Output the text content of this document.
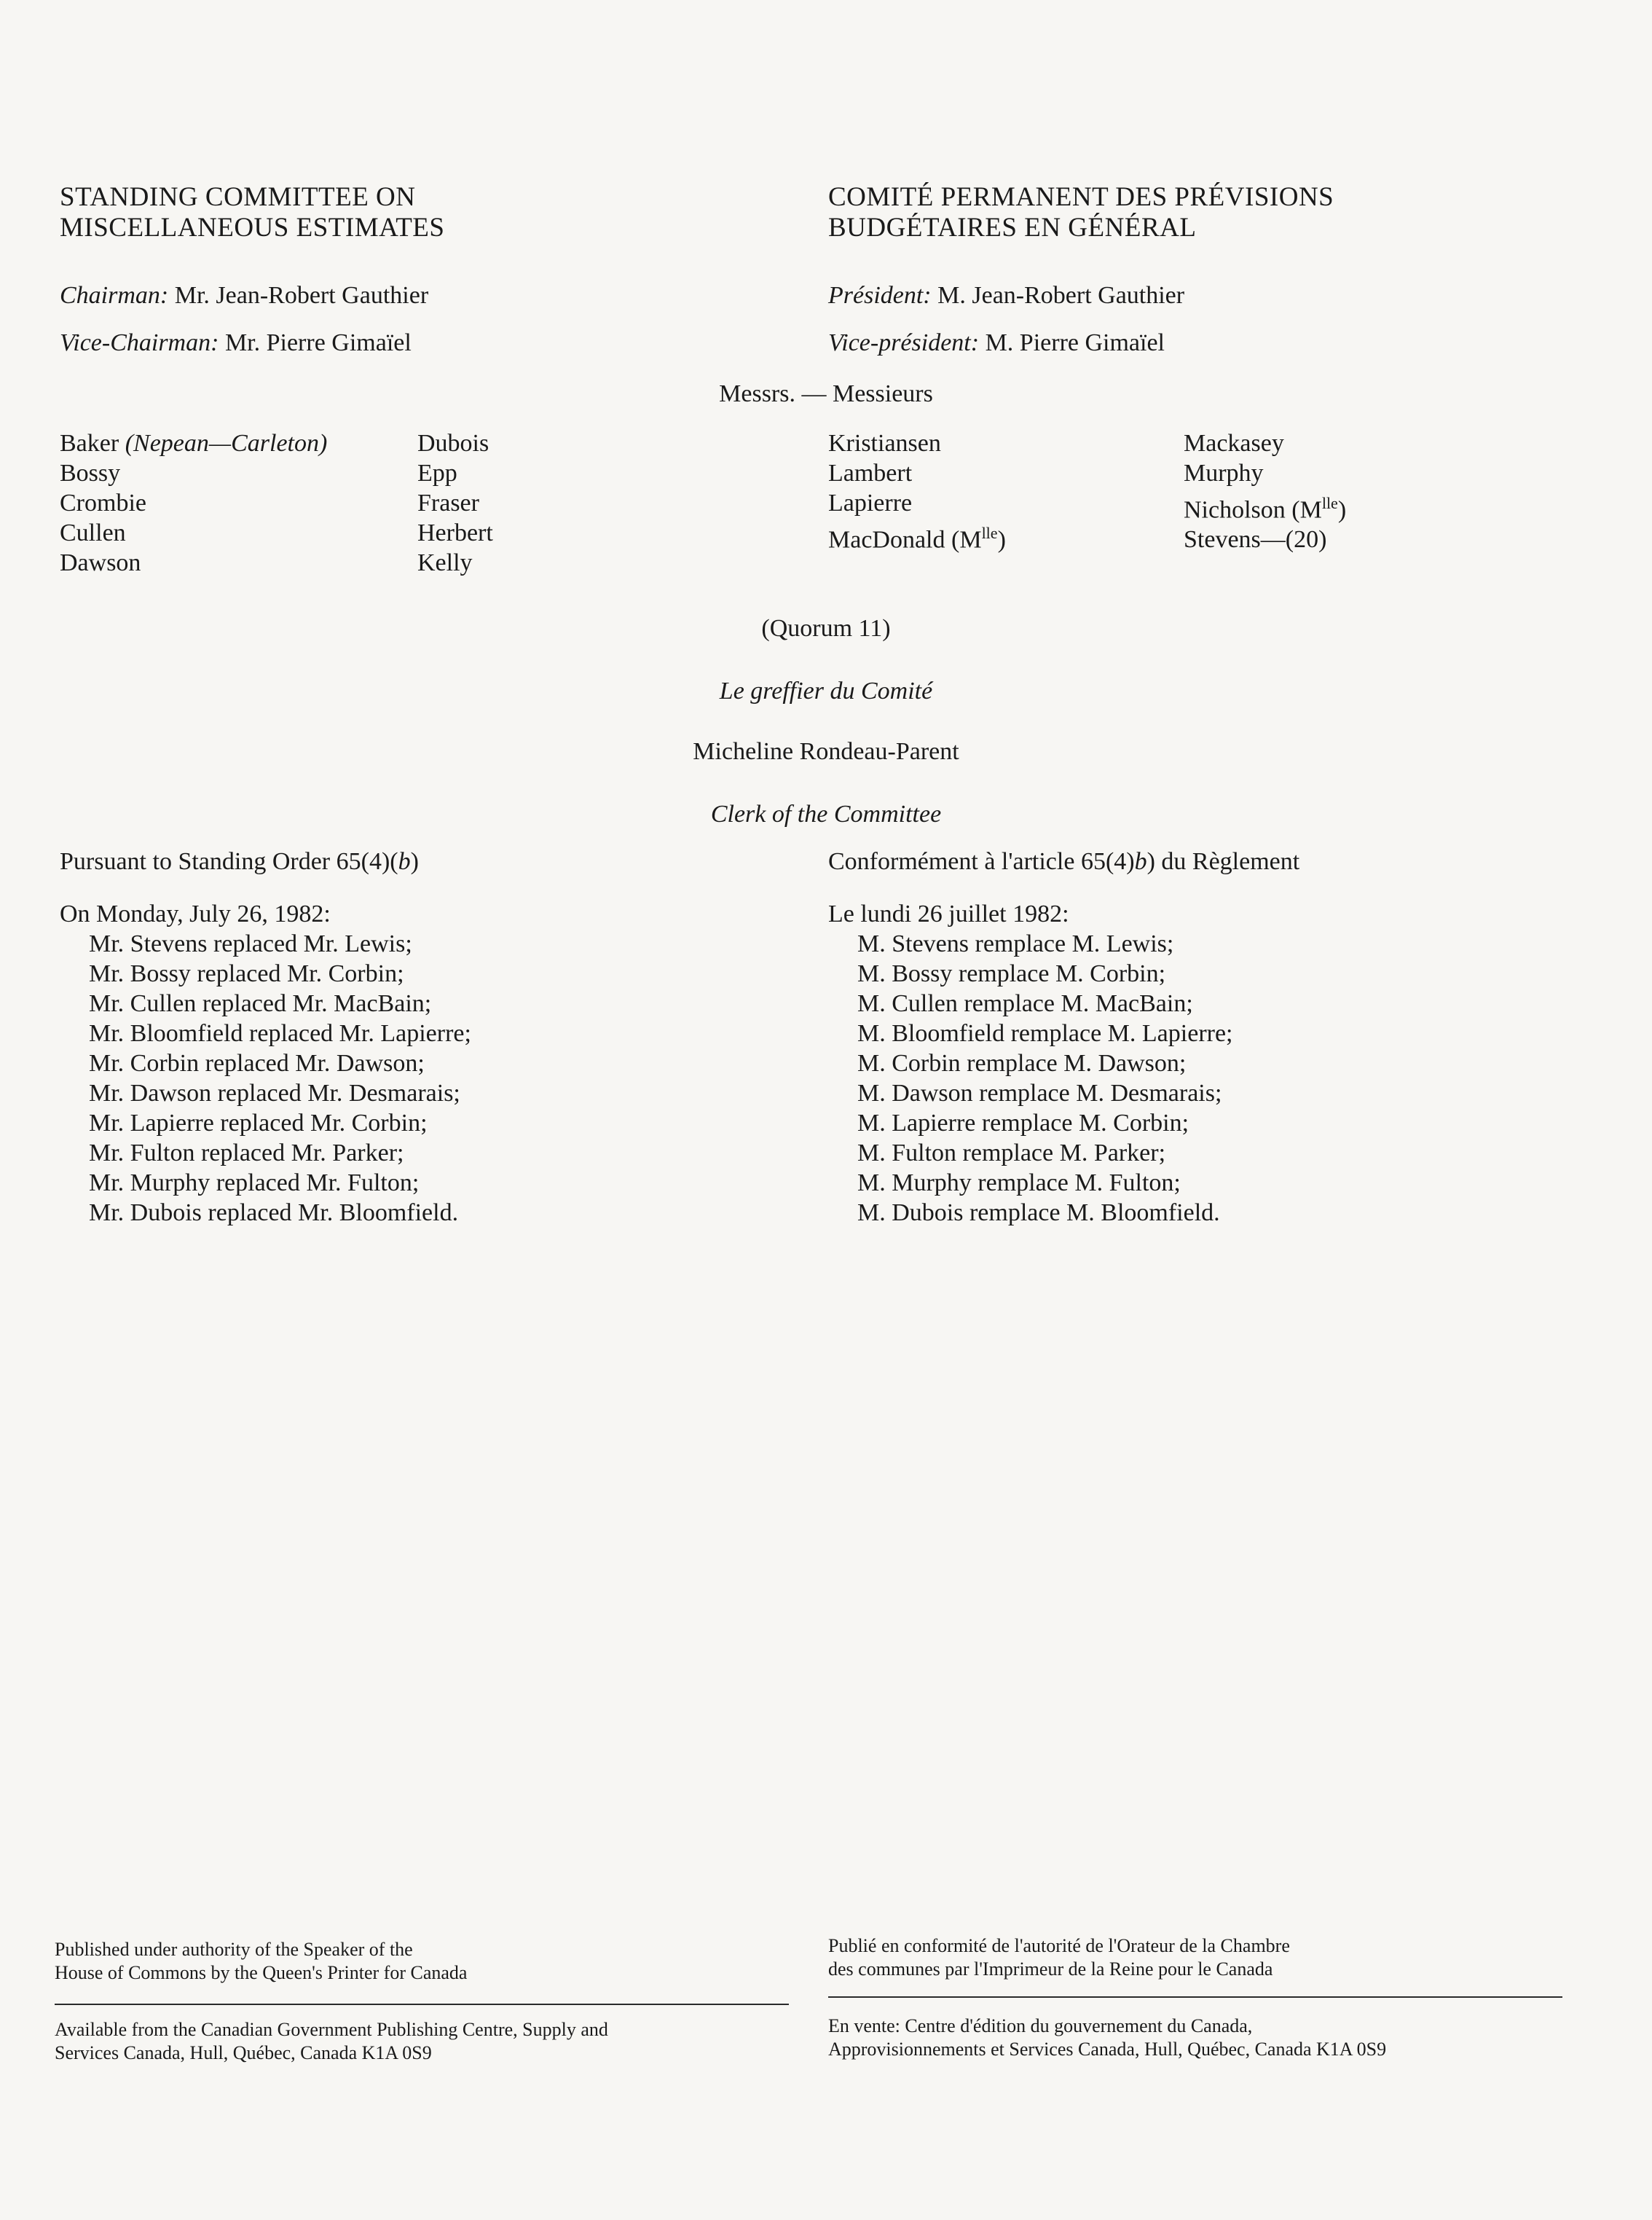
STANDING COMMITTEE ON
MISCELLANEOUS ESTIMATES
COMITÉ PERMANENT DES PRÉVISIONS
BUDGÉTAIRES EN GÉNÉRAL
Chairman: Mr. Jean-Robert Gauthier	Président: M. Jean-Robert Gauthier
Vice-Chairman: Mr. Pierre Gimaïel	Vice-président: M. Pierre Gimaïel
Messrs. — Messieurs
Baker (Nepean—Carleton)
Bossy
Crombie
Cullen
Dawson
Dubois
Epp
Fraser
Herbert
Kelly
Kristiansen
Lambert
Lapierre
MacDonald $(M^{lle})$
Mackasey
Murphy
Nicholson $(M^{lle})$
Stevens—(20)
(Quorum 11)
Le greffier du Comité
Micheline Rondeau-Parent
Clerk of the Committee
Pursuant to Standing Order 65(4)(b)	Conformément à l'article 65(4)b) du Règlement
On Monday, July 26, 1982:
Mr. Stevens replaced Mr. Lewis;
Mr. Bossy replaced Mr. Corbin;
Mr. Cullen replaced Mr. MacBain;
Mr. Bloomfield replaced Mr. Lapierre;
Mr. Corbin replaced Mr. Dawson;
Mr. Dawson replaced Mr. Desmarais;
Mr. Lapierre replaced Mr. Corbin;
Mr. Fulton replaced Mr. Parker;
Mr. Murphy replaced Mr. Fulton;
Mr. Dubois replaced Mr. Bloomfield.
Le lundi 26 juillet 1982:
M. Stevens remplace M. Lewis;
M. Bossy remplace M. Corbin;
M. Cullen remplace M. MacBain;
M. Bloomfield remplace M. Lapierre;
M. Corbin remplace M. Dawson;
M. Dawson remplace M. Desmarais;
M. Lapierre remplace M. Corbin;
M. Fulton remplace M. Parker;
M. Murphy remplace M. Fulton;
M. Dubois remplace M. Bloomfield.
Published under authority of the Speaker of the
House of Commons by the Queen's Printer for Canada
Publié en conformité de l'autorité de l'Orateur de la Chambre
des communes par l'Imprimeur de la Reine pour le Canada
Available from the Canadian Government Publishing Centre, Supply and
Services Canada, Hull, Québec, Canada K1A 0S9
En vente: Centre d'édition du gouvernement du Canada,
Approvisionnements et Services Canada, Hull, Québec, Canada K1A 0S9
